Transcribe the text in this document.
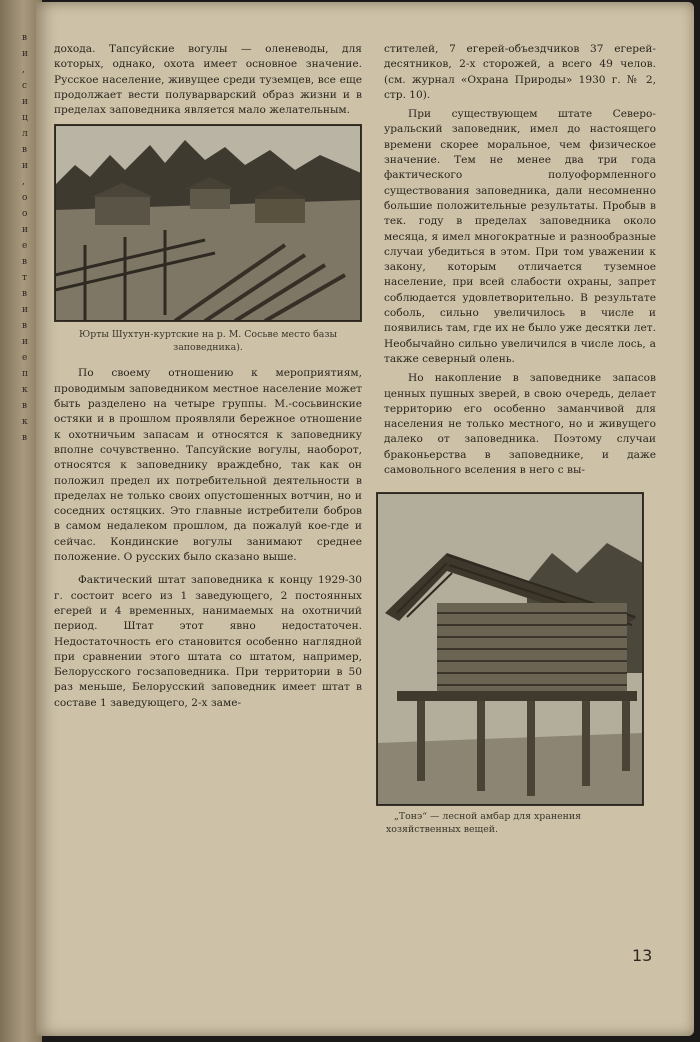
в
и
,
с
и
ц
л
в
и
,
о
о
и
е
в
т
в
и
в
и
е
п
к
в
к
в

дохода. Тапсуйские вогулы — оленеводы, для которых, однако, охота имеет основное значение. Русское население, живущее среди туземцев, все еще продолжает вести полуварварский образ жизни и в пределах заповедника является мало желательным.

Юрты Шухтун-куртские на р. М. Сосьве место базы заповедника).

По своему отношению к мероприятиям, проводимым заповедником местное население может быть разделено на четыре группы. М.-сосьвинские остяки и в прошлом проявляли бережное отношение к охотничьим запасам и относятся к заповеднику вполне сочувственно. Тапсуйские вогулы, наоборот, относятся к заповеднику враждебно, так как он положил предел их потребительной деятельности в пределах не только своих опустошенных вотчин, но и соседних остяцких. Это главные истребители бобров в самом недалеком прошлом, да пожалуй кое-где и сейчас. Кондинские вогулы занимают среднее положение. О русских было сказано выше.

Фактический штат заповедника к концу 1929-30 г. состоит всего из 1 заведующего, 2 постоянных егерей и 4 временных, нанимаемых на охотничий период. Штат этот явно недостаточен. Недостаточность его становится особенно наглядной при сравнении этого штата со штатом, например, Белорусского госзаповедника. При территории в 50 раз меньше, Белорусский заповедник имеет штат в составе 1 заведующего, 2-х заме-

стителей, 7 егерей-объездчиков 37 егерей-десятников, 2-х сторожей, а всего 49 челов. (см. журнал «Охрана Природы» 1930 г. № 2, стр. 10).

При существующем штате Северо-уральский заповедник, имел до настоящего времени скорее моральное, чем физическое значение. Тем не менее два три года фактического полуоформленного существования заповедника, дали несомненно большие положительные результаты. Пробыв в тек. году в пределах заповедника около месяца, я имел многократные и разнообразные случаи убедиться в этом. При том уважении к закону, которым отличается туземное население, при всей слабости охраны, запрет соблюдается удовлетворительно. В результате соболь, сильно увеличилось в числе и появились там, где их не было уже десятки лет. Необычайно сильно увеличился в числе лось, а также северный олень.

Но накопление в заповеднике запасов ценных пушных зверей, в свою очередь, делает территорию его особенно заманчивой для населения не только местного, но и живущего далеко от заповедника. Поэтому случаи браконьерства в заповеднике, и даже самовольного вселения в него с вы-

„Тонэ“ — лесной амбар для хранения хозяйственных вещей.
13
